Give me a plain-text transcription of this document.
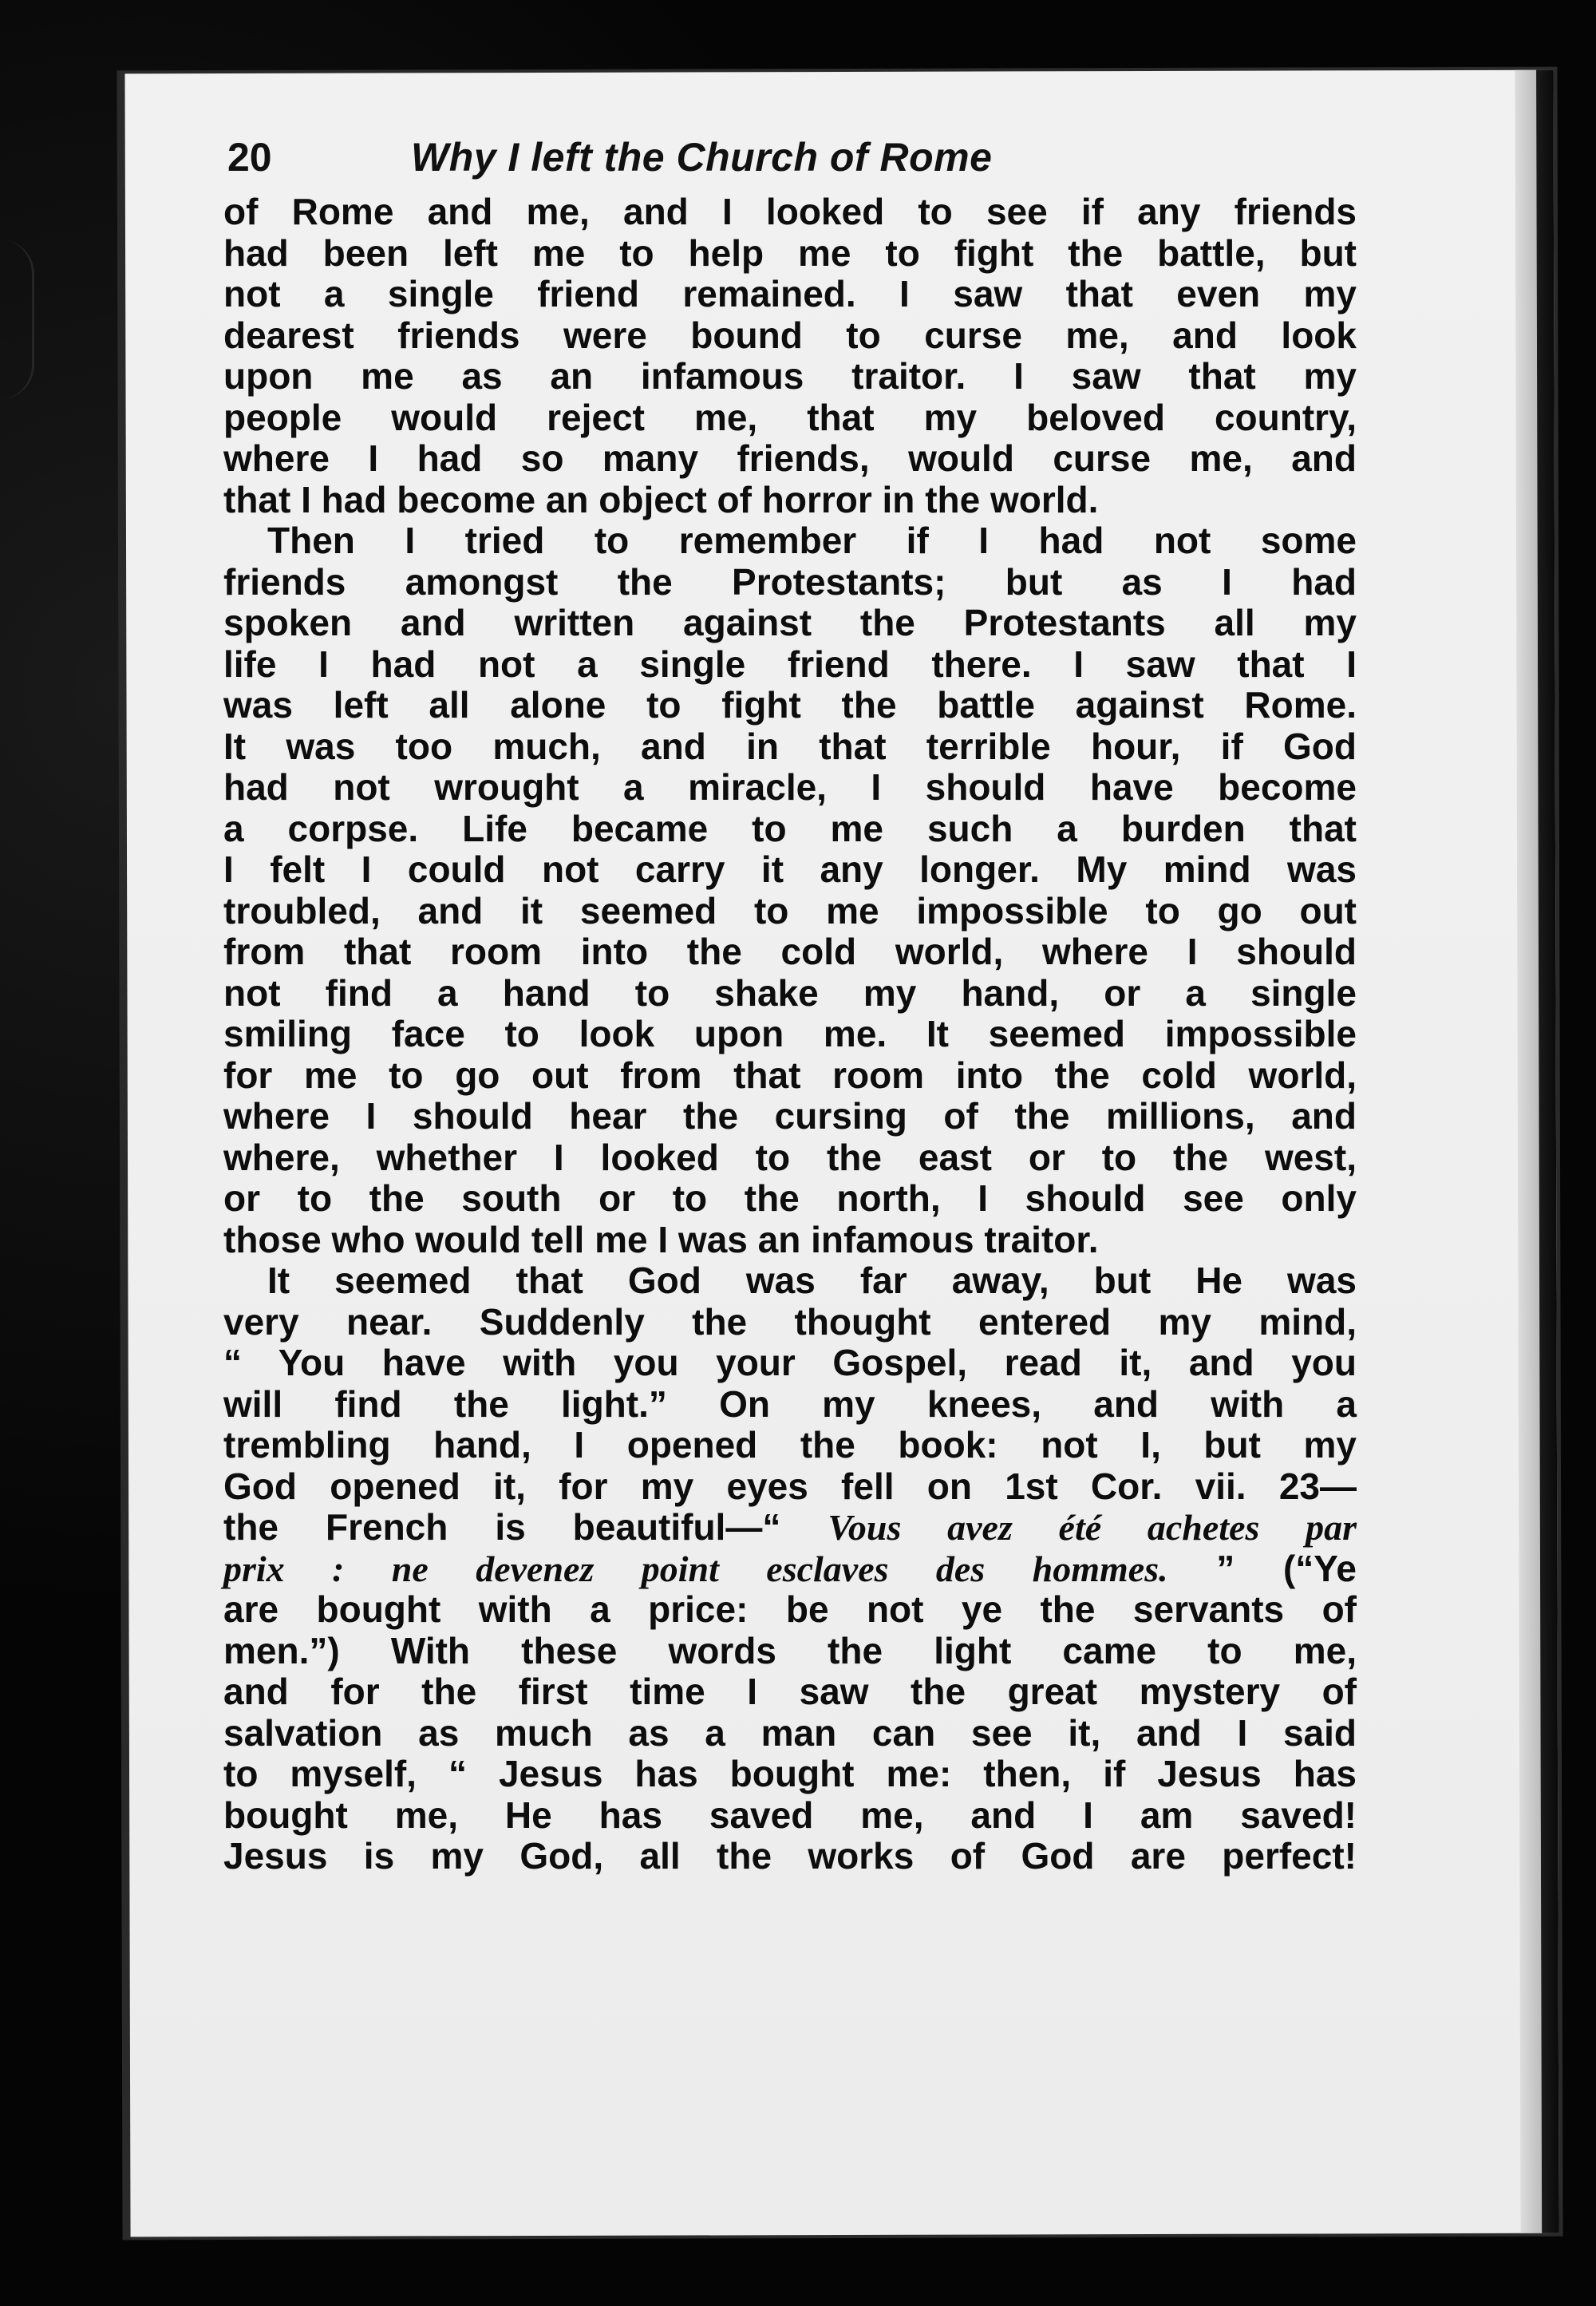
20	Why I left the Church of Rome
of Rome and me, and I looked to see if any friends
had been left me to help me to fight the battle, but
not a single friend remained. I saw that even my
dearest friends were bound to curse me, and look
upon me as an infamous traitor. I saw that my
people would reject me, that my beloved country,
where I had so many friends, would curse me, and
that I had become an object of horror in the world.
Then I tried to remember if I had not some
friends amongst the Protestants; but as I had
spoken and written against the Protestants all my
life I had not a single friend there. I saw that I
was left all alone to fight the battle against Rome.
It was too much, and in that terrible hour, if God
had not wrought a miracle, I should have become
a corpse. Life became to me such a burden that
I felt I could not carry it any longer. My mind was
troubled, and it seemed to me impossible to go out
from that room into the cold world, where I should
not find a hand to shake my hand, or a single
smiling face to look upon me. It seemed impossible
for me to go out from that room into the cold world,
where I should hear the cursing of the millions, and
where, whether I looked to the east or to the west,
or to the south or to the north, I should see only
those who would tell me I was an infamous traitor.
It seemed that God was far away, but He was
very near. Suddenly the thought entered my mind,
“ You have with you your Gospel, read it, and you
will find the light.” On my knees, and with a
trembling hand, I opened the book: not I, but my
God opened it, for my eyes fell on 1st Cor. vii. 23—
the French is beautiful—“ Vous avez été achetes par
prix : ne devenez point esclaves des hommes. ” (“Ye
are bought with a price: be not ye the servants of
men.”) With these words the light came to me,
and for the first time I saw the great mystery of
salvation as much as a man can see it, and I said
to myself, “ Jesus has bought me: then, if Jesus has
bought me, He has saved me, and I am saved!
Jesus is my God, all the works of God are perfect!
